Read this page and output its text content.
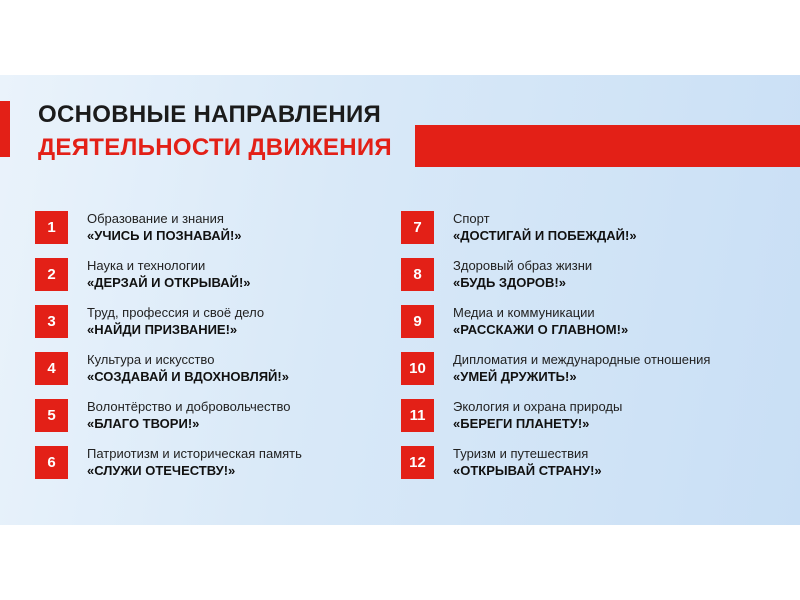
ОСНОВНЫЕ НАПРАВЛЕНИЯ
ДЕЯТЕЛЬНОСТИ ДВИЖЕНИЯ
1
Образование и знания
«УЧИСЬ И ПОЗНАВАЙ!»
2
Наука и технологии
«ДЕРЗАЙ И ОТКРЫВАЙ!»
3
Труд, профессия и своё дело
«НАЙДИ ПРИЗВАНИЕ!»
4
Культура и искусство
«СОЗДАВАЙ И ВДОХНОВЛЯЙ!»
5
Волонтёрство и добровольчество
«БЛАГО ТВОРИ!»
6
Патриотизм и историческая память
«СЛУЖИ ОТЕЧЕСТВУ!»
7
Спорт
«ДОСТИГАЙ И ПОБЕЖДАЙ!»
8
Здоровый образ жизни
«БУДЬ ЗДОРОВ!»
9
Медиа и коммуникации
«РАССКАЖИ О ГЛАВНОМ!»
10
Дипломатия и международные отношения
«УМЕЙ ДРУЖИТЬ!»
11
Экология и охрана природы
«БЕРЕГИ ПЛАНЕТУ!»
12
Туризм и путешествия
«ОТКРЫВАЙ СТРАНУ!»
